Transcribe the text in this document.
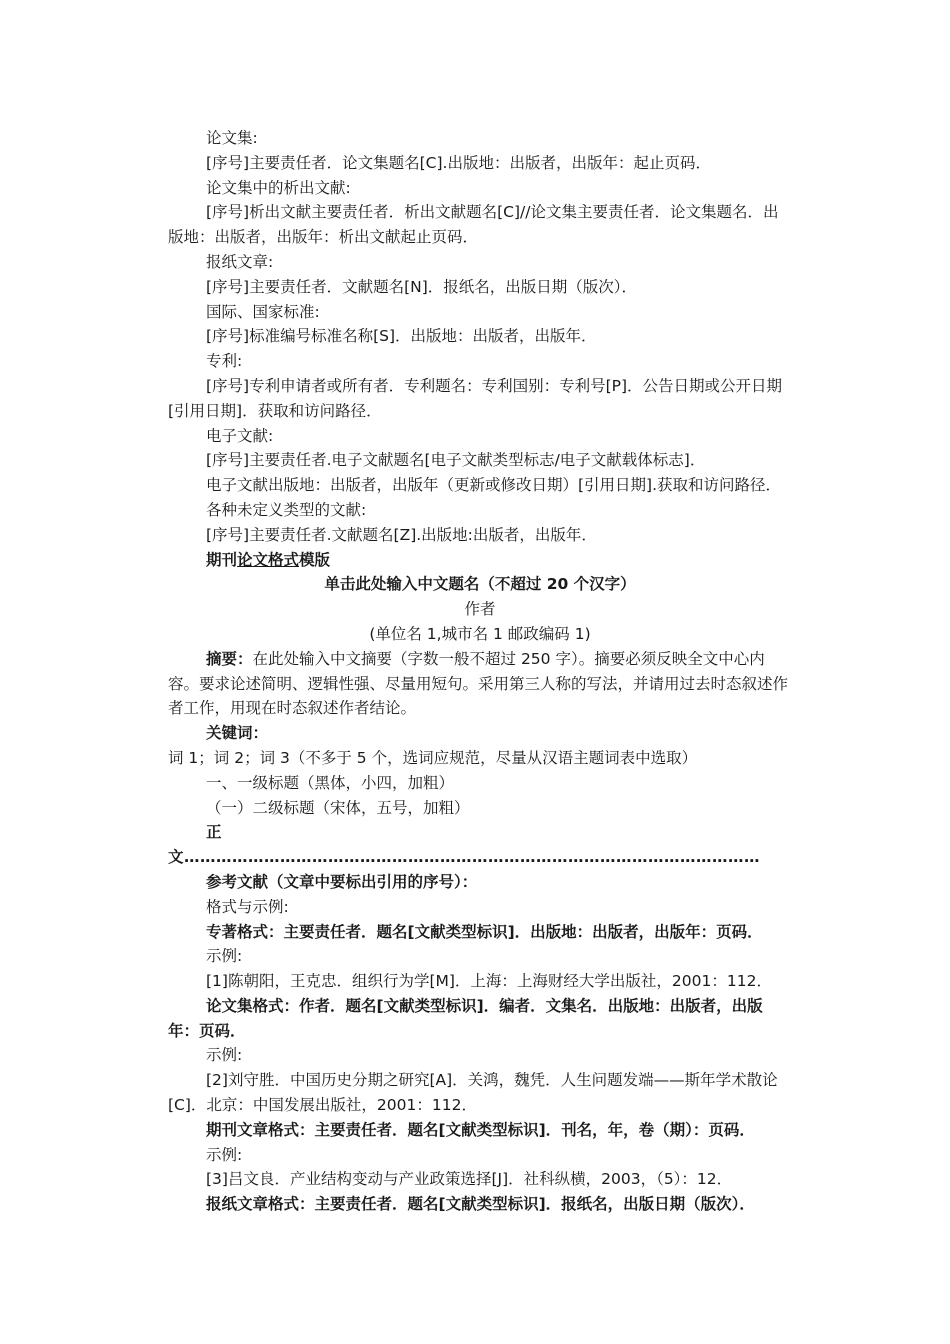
论文集:

[序号]主要责任者．论文集题名[C].出版地：出版者，出版年：起止页码．

论文集中的析出文献:

[序号]析出文献主要责任者．析出文献题名[C]//论文集主要责任者．论文集题名．出版地：出版者，出版年：析出文献起止页码．

报纸文章:

[序号]主要责任者．文献题名[N]．报纸名，出版日期（版次）．

国际、国家标准:

[序号]标准编号标准名称[S]．出版地：出版者，出版年．

专利:

[序号]专利申请者或所有者．专利题名：专利国别：专利号[P]．公告日期或公开日期[引用日期]．获取和访问路径．

电子文献:

[序号]主要责任者.电子文献题名[电子文献类型标志/电子文献载体标志]．

电子文献出版地：出版者，出版年（更新或修改日期）[引用日期].获取和访问路径．

各种未定义类型的文献:

[序号]主要责任者.文献题名[Z].出版地:出版者，出版年．

期刊论文格式模版

单击此处输入中文题名（不超过 20 个汉字）

作者

(单位名 1,城市名 1 邮政编码 1)

摘要：在此处输入中文摘要（字数一般不超过 250 字）。摘要必须反映全文中心内容。要求论述简明、逻辑性强、尽量用短句。采用第三人称的写法，并请用过去时态叙述作者工作，用现在时态叙述作者结论。

关键词：词 1；词 2；词 3（不多于 5 个，选词应规范，尽量从汉语主题词表中选取）

一、一级标题（黑体，小四，加粗）

（一）二级标题（宋体，五号，加粗）

正

文………………………………………………………………………………………………

参考文献（文章中要标出引用的序号）：

格式与示例:

专著格式：主要责任者．题名[文献类型标识]．出版地：出版者，出版年：页码．

示例:

[1]陈朝阳，王克忠．组织行为学[M]．上海：上海财经大学出版社，2001：112．

论文集格式：作者．题名[文献类型标识]．编者．文集名．出版地：出版者，出版年：页码．

示例:

[2]刘守胜．中国历史分期之研究[A]．关鸿，魏凭．人生问题发端——斯年学术散论[C]．北京：中国发展出版社，2001：112．

期刊文章格式：主要责任者．题名[文献类型标识]．刊名，年，卷（期）：页码．

示例:

[3]吕文良．产业结构变动与产业政策选择[J]．社科纵横，2003，（5）：12．

报纸文章格式：主要责任者．题名[文献类型标识]．报纸名，出版日期（版次）．
